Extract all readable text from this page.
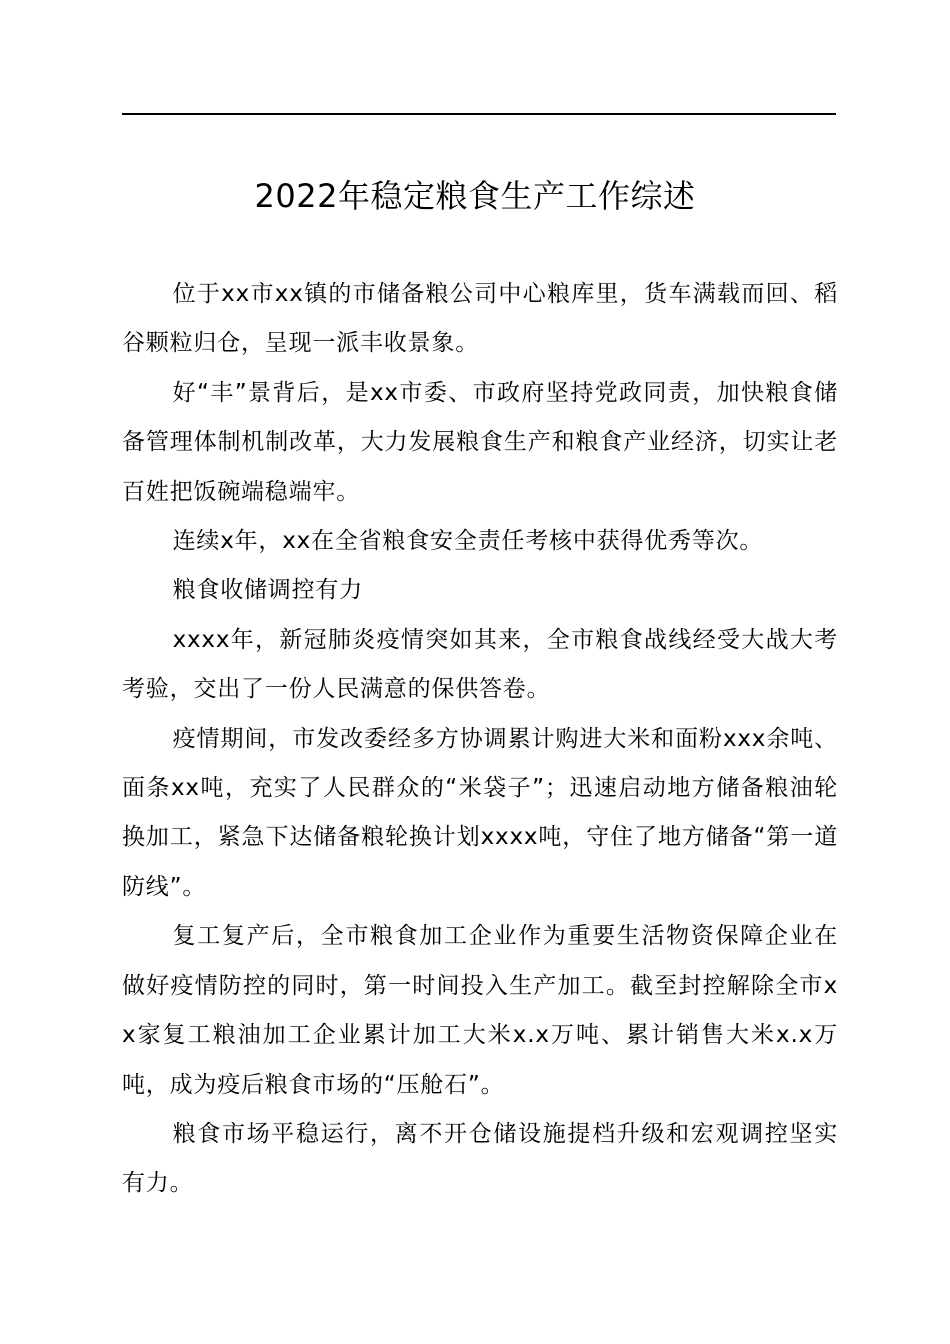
2022年稳定粮食生产工作综述

位于xx市xx镇的市储备粮公司中心粮库里，货车满载而回、稻谷颗粒归仓，呈现一派丰收景象。

好“丰”景背后，是xx市委、市政府坚持党政同责，加快粮食储备管理体制机制改革，大力发展粮食生产和粮食产业经济，切实让老百姓把饭碗端稳端牢。

连续x年，xx在全省粮食安全责任考核中获得优秀等次。

粮食收储调控有力

xxxx年，新冠肺炎疫情突如其来，全市粮食战线经受大战大考考验，交出了一份人民满意的保供答卷。

疫情期间，市发改委经多方协调累计购进大米和面粉xxx余吨、面条xx吨，充实了人民群众的“米袋子”；迅速启动地方储备粮油轮换加工，紧急下达储备粮轮换计划xxxx吨，守住了地方储备“第一道防线”。

复工复产后，全市粮食加工企业作为重要生活物资保障企业在做好疫情防控的同时，第一时间投入生产加工。截至封控解除全市xx家复工粮油加工企业累计加工大米x.x万吨、累计销售大米x.x万吨，成为疫后粮食市场的“压舱石”。

粮食市场平稳运行，离不开仓储设施提档升级和宏观调控坚实有力。
